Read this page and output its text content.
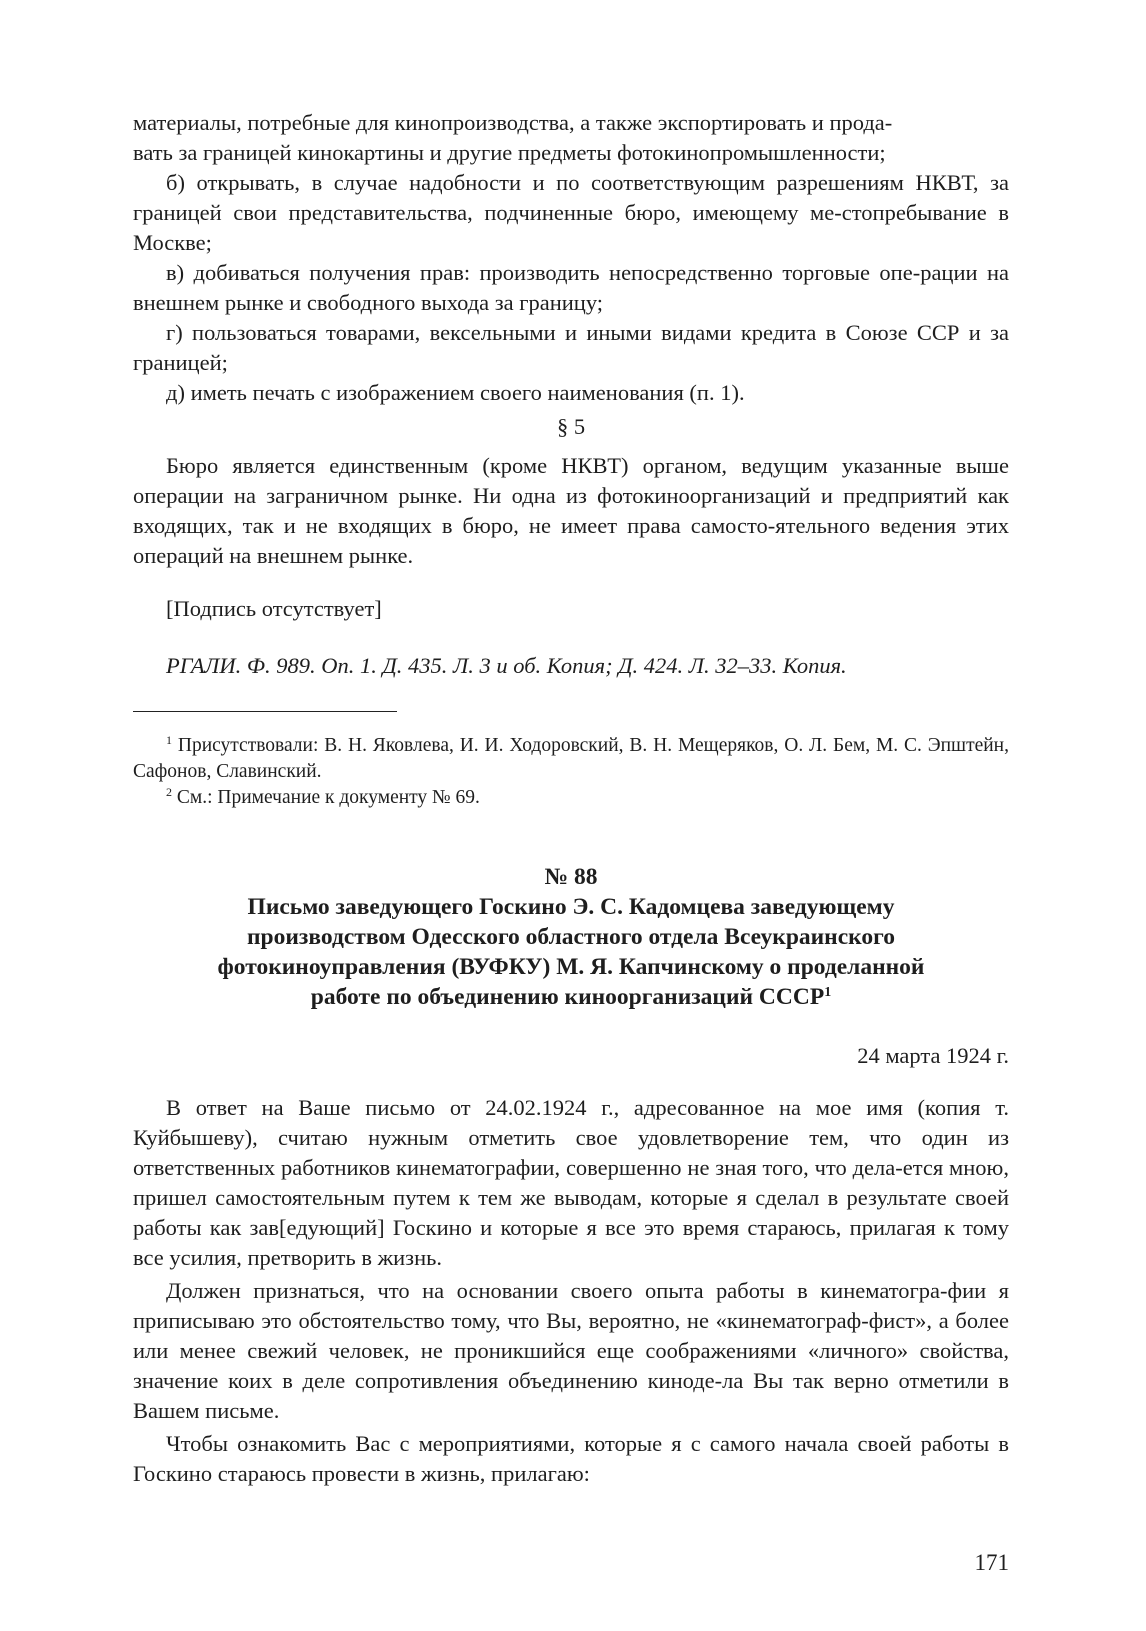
материалы, потребные для кинопроизводства, а также экспортировать и прода-

вать за границей кинокартины и другие предметы фотокинопромышленности;

б) открывать, в случае надобности и по соответствующим разрешениям НКВТ, за границей свои представительства, подчиненные бюро, имеющему ме-стопребывание в Москве;

в) добиваться получения прав: производить непосредственно торговые опе-рации на внешнем рынке и свободного выхода за границу;

г) пользоваться товарами, вексельными и иными видами кредита в Союзе ССР и за границей;

д) иметь печать с изображением своего наименования (п. 1).

§ 5

Бюро является единственным (кроме НКВТ) органом, ведущим указанные выше операции на заграничном рынке. Ни одна из фотокиноорганизаций и предприятий как входящих, так и не входящих в бюро, не имеет права самосто-ятельного ведения этих операций на внешнем рынке.

[Подпись отсутствует]

РГАЛИ. Ф. 989. Оп. 1. Д. 435. Л. 3 и об. Копия; Д. 424. Л. 32–33. Копия.

$^1$ Присутствовали: В. Н. Яковлева, И. И. Ходоровский, В. Н. Мещеряков, О. Л. Бем, М. С. Эпштейн, Сафонов, Славинский.

$^2$ См.: Примечание к документу № 69.

№ 88
Письмо заведующего Госкино Э. С. Кадомцева заведующему
производством Одесского областного отдела Всеукраинского
фотокиноуправления (ВУФКУ) М. Я. Капчинскому о проделанной
работе по объединению киноорганизаций СССР$^1$

24 марта 1924 г.

В ответ на Ваше письмо от 24.02.1924 г., адресованное на мое имя (копия т. Куйбышеву), считаю нужным отметить свое удовлетворение тем, что один из ответственных работников кинематографии, совершенно не зная того, что дела-ется мною, пришел самостоятельным путем к тем же выводам, которые я сделал в результате своей работы как зав[едующий] Госкино и которые я все это время стараюсь, прилагая к тому все усилия, претворить в жизнь.

Должен признаться, что на основании своего опыта работы в кинематогра-фии я приписываю это обстоятельство тому, что Вы, вероятно, не «кинематограф-фист», а более или менее свежий человек, не проникшийся еще соображениями «личного» свойства, значение коих в деле сопротивления объединению киноде-ла Вы так верно отметили в Вашем письме.

Чтобы ознакомить Вас с мероприятиями, которые я с самого начала своей работы в Госкино стараюсь провести в жизнь, прилагаю:

171
